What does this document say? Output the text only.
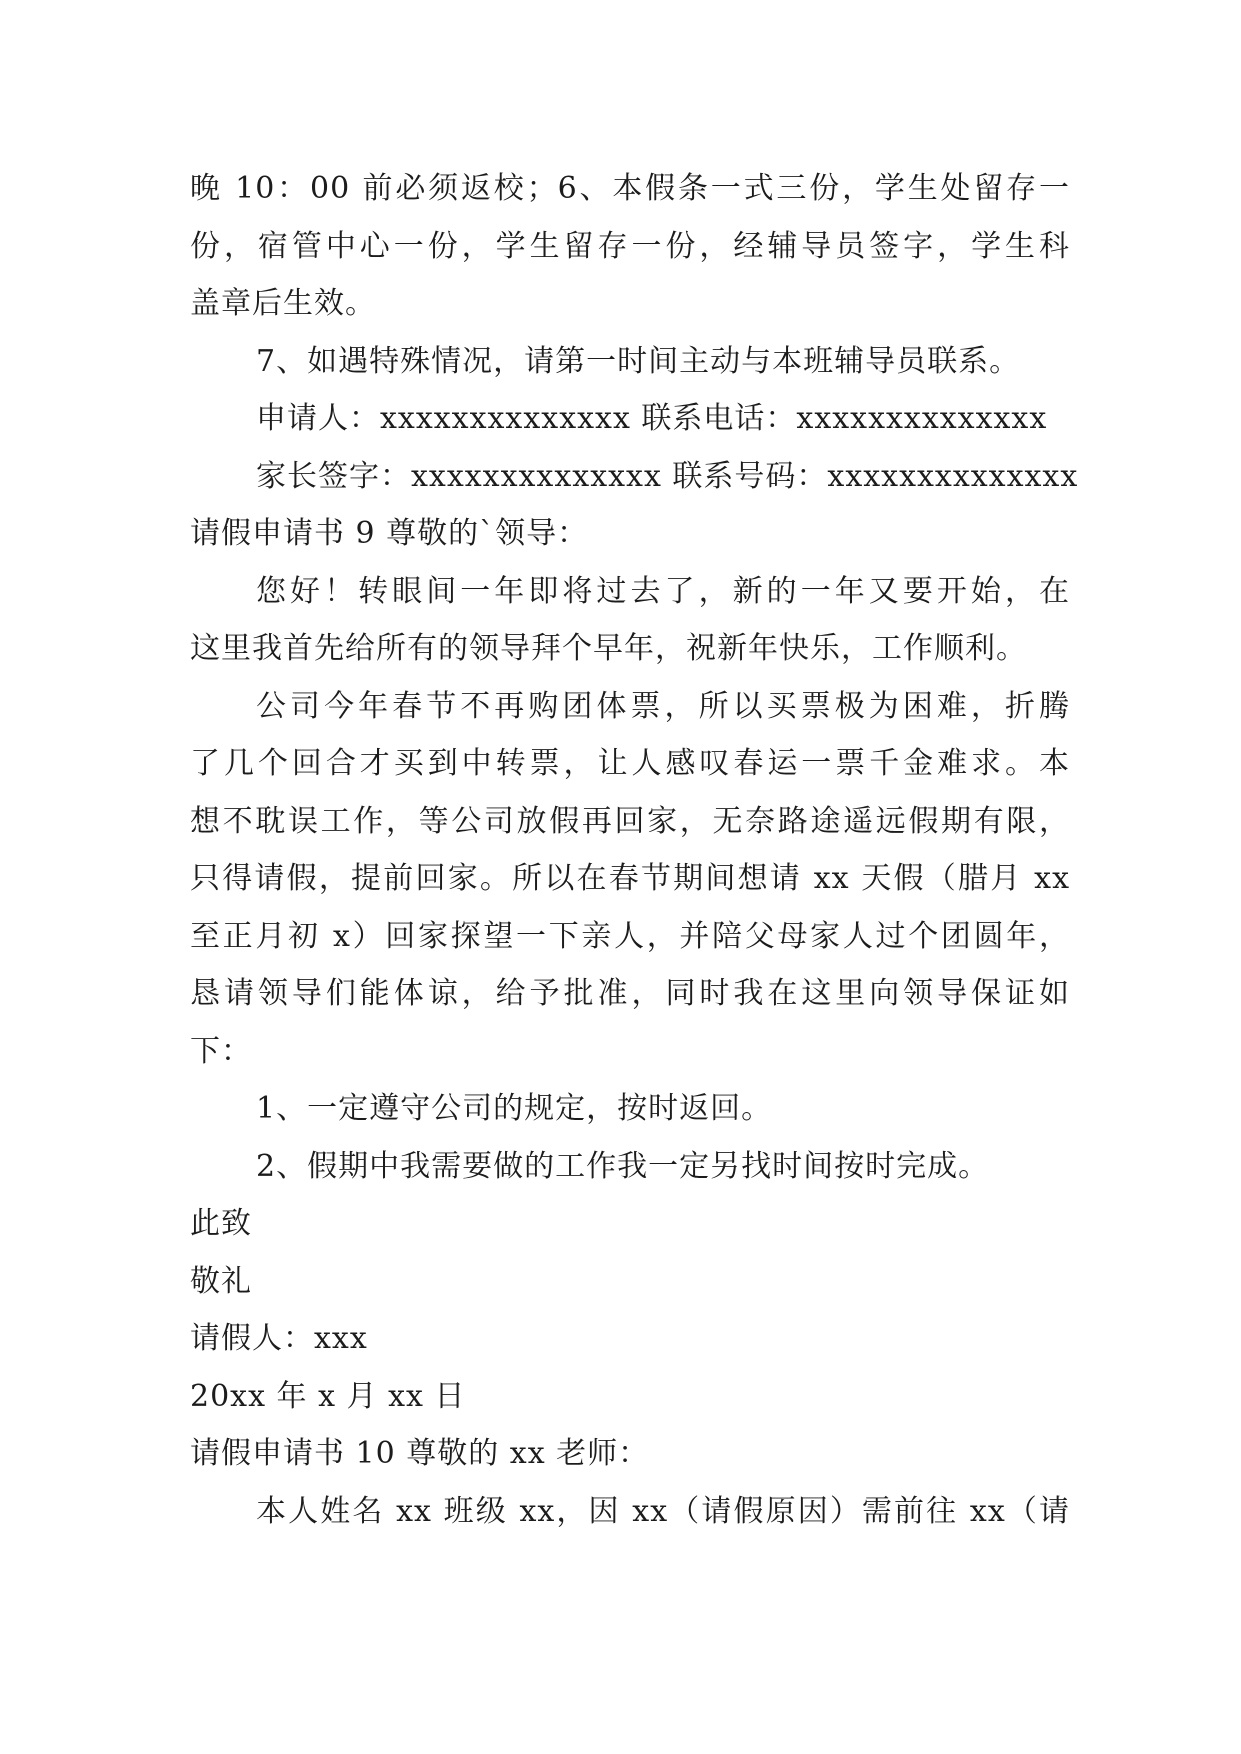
晚 10：00 前必须返校；6、本假条一式三份，学生处留存一
份，宿管中心一份，学生留存一份，经辅导员签字，学生科
盖章后生效。
7、如遇特殊情况，请第一时间主动与本班辅导员联系。
申请人：xxxxxxxxxxxxxx 联系电话：xxxxxxxxxxxxxx
家长签字：xxxxxxxxxxxxxx 联系号码：xxxxxxxxxxxxxx
请假申请书 9 尊敬的`领导：
您好！转眼间一年即将过去了，新的一年又要开始，在
这里我首先给所有的领导拜个早年，祝新年快乐，工作顺利。
公司今年春节不再购团体票，所以买票极为困难，折腾
了几个回合才买到中转票，让人感叹春运一票千金难求。本
想不耽误工作，等公司放假再回家，无奈路途遥远假期有限，
只得请假，提前回家。所以在春节期间想请 xx 天假（腊月 xx
至正月初 x）回家探望一下亲人，并陪父母家人过个团圆年，
恳请领导们能体谅，给予批准，同时我在这里向领导保证如
下：
1、一定遵守公司的规定，按时返回。
2、假期中我需要做的工作我一定另找时间按时完成。
此致
敬礼
请假人：xxx
20xx 年 x 月 xx 日
请假申请书 10 尊敬的 xx 老师：
本人姓名 xx 班级 xx，因 xx（请假原因）需前往 xx（请
